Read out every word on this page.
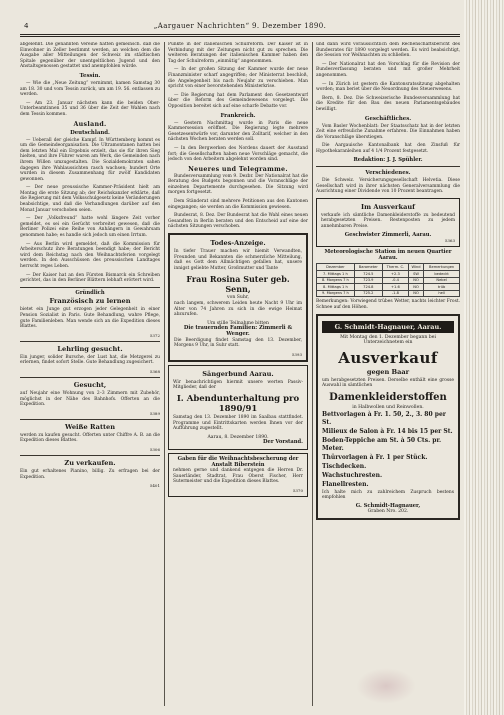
4	„Aargauer Nachrichten“ 9. Dezember 1890.

abgelehnt. Die genannten Vereine hatten gemeinsch. daß die Einwohner in Zeller bestimmt werden, an welchen dem die Ausgabe aller Mitteilungen der Schweiz im städtischen Spitale gegenüber der unentgeltlichen Jugend und den Anstaltsgenossen gestattet und anempfohlen würde.

Tessin.

— Wie die „Neue Zeitung“ vernimmt, kamen Samstag 30 am 18. 30 und vom Tessin zurück, um am 19. 56. entlassen zu werden.

— Am 23. Januar nächsten kann die beiden Ober-Unterbeamtinnen 35 und 36 über die Zeit der Wahlen nach dem Tessin kommen.

Ausland.
Deutschland.

— Ueberall der gleiche Kampf. In Württemberg kommt es um die Gemeindeorganisation. Die Ultramontanen hatten bei dem letzten Mal ein Ergebnis erzielt, das sie für ihren Sieg hielten, und ihre Führer waren am Werk, die Gemeinden nach ihrem Willen umzugestalten. Die Sozialdemokraten sahen dagegen ihre Wahlaussichten rasch wachsen; hundert Orte wurden in diesem Zusammenhang für zwölf Kandidaten gewonnen.

— Der neue preussische Kammer-Präsident hielt am Montag die erste Sitzung ab; der Reichskanzler erklärte, daß die Regierung mit dem Volksschulgesetz keine Veränderungen beabsichtige, und daß die Verhandlungen darüber auf den Monat Januar verschoben seien.

— Der „Volksfreund“ hatte wohl längere Zeit vorher gemeldet, es sei ein Gerücht verbreitet gewesen, daß die Berliner Polizei eine Reihe von Anhängern in Gewahrsam genommen habe; es handle sich jedoch um einen Irrtum.

— Aus Berlin wird gemeldet, daß die Kommission für Arbeiterschutz ihre Beratungen beendigt habe; der Bericht wird dem Reichstag nach den Weihnachtsferien vorgelegt werden. In den Ausschüssen des preussischen Landtages herrscht reges Leben.

— Der Kaiser hat an den Fürsten Bismarck ein Schreiben gerichtet, das in den Berliner Blättern lebhaft erörtert wird.

Gründlich
Französisch zu lernen

bietet ein Junge gut erzogen jeder Gelegenheit in einer Pension Sozialist in Paris. Gute Behandlung, wahre Pflege, gute Familienleben. Man wende sich an die Expedition dieses Blattes.

5372
Lehrling gesucht.

Ein junger, solider Bursche, der Lust hat, die Metzgerei zu erlernen, findet sofort Stelle. Gute Behandlung zugesichert.

5368
Gesucht,

auf Neujahr eine Wohnung von 2–3 Zimmern mit Zubehör, möglichst in der Nähe des Bahnhofs. Offerten an die Expedition.

5389
Weiße Ratten

werden zu kaufen gesucht. Offerten unter Chiffre A. B. an die Expedition dieses Blattes.

5306
Zu verkaufen.

Ein gut erhaltenes Pianino, billig. Zu erfragen bei der Expedition.

5401

Punkte in der italienischen Schulreform. Der Kaiser ist in Verbindung mit der Zeitungen nicht gut zu sprechen. Die weiteren Beratungen der italienischen Kammer haben den Tag der Schulreform „einmütig“ angenommen.

— In der großen Sitzung der Kammer wurde der neue Finanzminister scharf angegriffen; der Ministerrat beschloß, die Angelegenheit bis nach Neujahr zu verschieben. Man spricht von einer bevorstehenden Ministerkrise.

— Die Regierung hat dem Parlament den Gesetzentwurf über die Reform des Gemeindewesens vorgelegt. Die Opposition bereitet sich auf eine scharfe Debatte vor.

Frankreich.

— Gestern Nachmittag wurde in Paris die neue Kammersession eröffnet. Die Regierung legte mehrere Gesetzesentwürfe vor, darunter den Zolltarif, welcher in den nächsten Wochen beraten werden soll.

— In den Bergwerken des Nordens dauert der Ausstand fort; die Gesellschaften haben neue Vorschläge gemacht, die jedoch von den Arbeitern abgelehnt worden sind.

Neueres und Telegramme.

Bundesversammlung vom 9. Dezbr. Der Nationalrat hat die Beratung des Budgets begonnen und die Voranschläge der einzelnen Departemente durchgesehen. Die Sitzung wird morgen fortgesetzt.

Dem Ständerat sind mehrere Petitionen aus den Kantonen eingegangen; sie werden an die Kommission gewiesen.

Bundesrat, 8. Dez. Der Bundesrat hat die Wahl eines neuen Gesandten in Berlin beraten und den Entscheid auf eine der nächsten Sitzungen verschoben.

Todes-Anzeige.

In tiefer Trauer machen wir hiemit Verwandten, Freunden und Bekannten die schmerzliche Mitteilung, daß es Gott dem Allmächtigen gefallen hat, unsere innigst geliebte Mutter, Großmutter und Tante

Frau Rosina Suter geb. Senn,
von Suhr,

nach langem, schwerem Leiden heute Nacht 9 Uhr im Alter von 74 Jahren zu sich in die ewige Heimat abzurufen.

Um stille Teilnahme bitten
Die trauernden Familien: Zimmerli & Wenger.

Die Beerdigung findet Samstag den 13. Dezember, Morgens 9 Uhr, in Suhr statt.

5393
Sängerbund Aarau.

Wir benachrichtigen hiermit unsere werten Passiv-Mitglieder, daß der

I. Abendunterhaltung pro 1890/91

Samstag den 13. Dezember 1890 im Saalbau stattfindet. Programme und Eintrittskarten werden Ihnen vor der Aufführung zugestellt.

Aarau, 8. Dezember 1890.
Der Vorstand.
Gaben für die Weihnachtsbescherung der Anstalt Biberstein

nehmen gerne und dankend entgegen die Herren Dr. Sauerländer, Stadtrat, Frau Oberst Fischer, Herr Sutermeister und die Expedition dieses Blattes.

5370

und dann wird voraussichtlich dem Rechenschaftsbericht des Bundesrates für 1890 vorgelegt werden. Es wird beabsichtigt, die Session vor Weihnachten zu schließen.

— Der Nationalrat hat den Vorschlag für die Revision der Bundesverfassung beraten und mit großer Mehrheit angenommen.

— In Zürich ist gestern die Kantonsratssitzung abgehalten worden; man beriet über die Neuordnung des Steuerwesens.

Bern, 8. Dez. Die Schweizerische Bundesversammlung hat die Kredite für den Bau des neuen Parlamentsgebäudes bewilligt.

Geschäftliches.

Vom Basler Wochenblatt: Der Staatsschatz hat in der letzten Zeit eine erfreuliche Zunahme erfahren. Die Einnahmen haben die Voranschläge überstiegen.

Die Aargauische Kantonalbank hat den Zinsfuß für Hypothekaranleihen auf 4 1/4 Prozent festgesetzt.

Redaktion: J. J. Spühler.
Verschiedenes.

Die Schweiz. Versicherungsgesellschaft Helvetia. Diese Gesellschaft wird in ihrer nächsten Generalversammlung die Ausrichtung einer Dividende von 10 Prozent beantragen.

Im Ausverkauf

verkaufe ich sämtliche Damenkleiderstoffe zu bedeutend herabgesetzten Preisen. Restenposten zu jedem annehmbaren Preise.

Geschwister Zimmerli, Aarau.
5363
Meteorologische Station im neuen Quartier Aarau.
Dezember	Barometer	Therm. C.	Wind	Bemerkungen
7. Mittags 1 h	724.5	+2.3	SW	bedeckt
8. Morgens 7 h	723.9	-0.4	NO	Nebel
8. Mittags 1 h	724.8	+1.6	NO	trüb
9. Morgens 7 h	725.2	-1.8	NO	hell

Bemerkungen: Vorwiegend trübes Wetter, nachts leichter Frost. Schnee auf den Höhen.

G. Schmidt-Hagnauer, Aarau.
Mit Montag den 1. Dezember begann bei Unterzeichnetem ein
Ausverkauf
gegen Baar

um herabgesetzten Preisen. Derselbe enthält eine grosse Auswahl in sämtlichen

Damenkleiderstoffen
in Halbwollen und Reinwollen.
Bettvorlagen à Fr. 1. 50, 2., 3. 80 per St.
Milieux de Salon à Fr. 14 bis 15 per St.
Boden-Teppiche am St. à 50 Cts. pr. Meter.
Thürvorlagen à Fr. 1 per Stück.
Tischdecken.
Wachstuchresten.
Flanellresten.

Ich halte mich zu zahlreichem Zuspruch bestens empfohlen

G. Schmidt-Hagnauer,
Graben Nro. 202.
